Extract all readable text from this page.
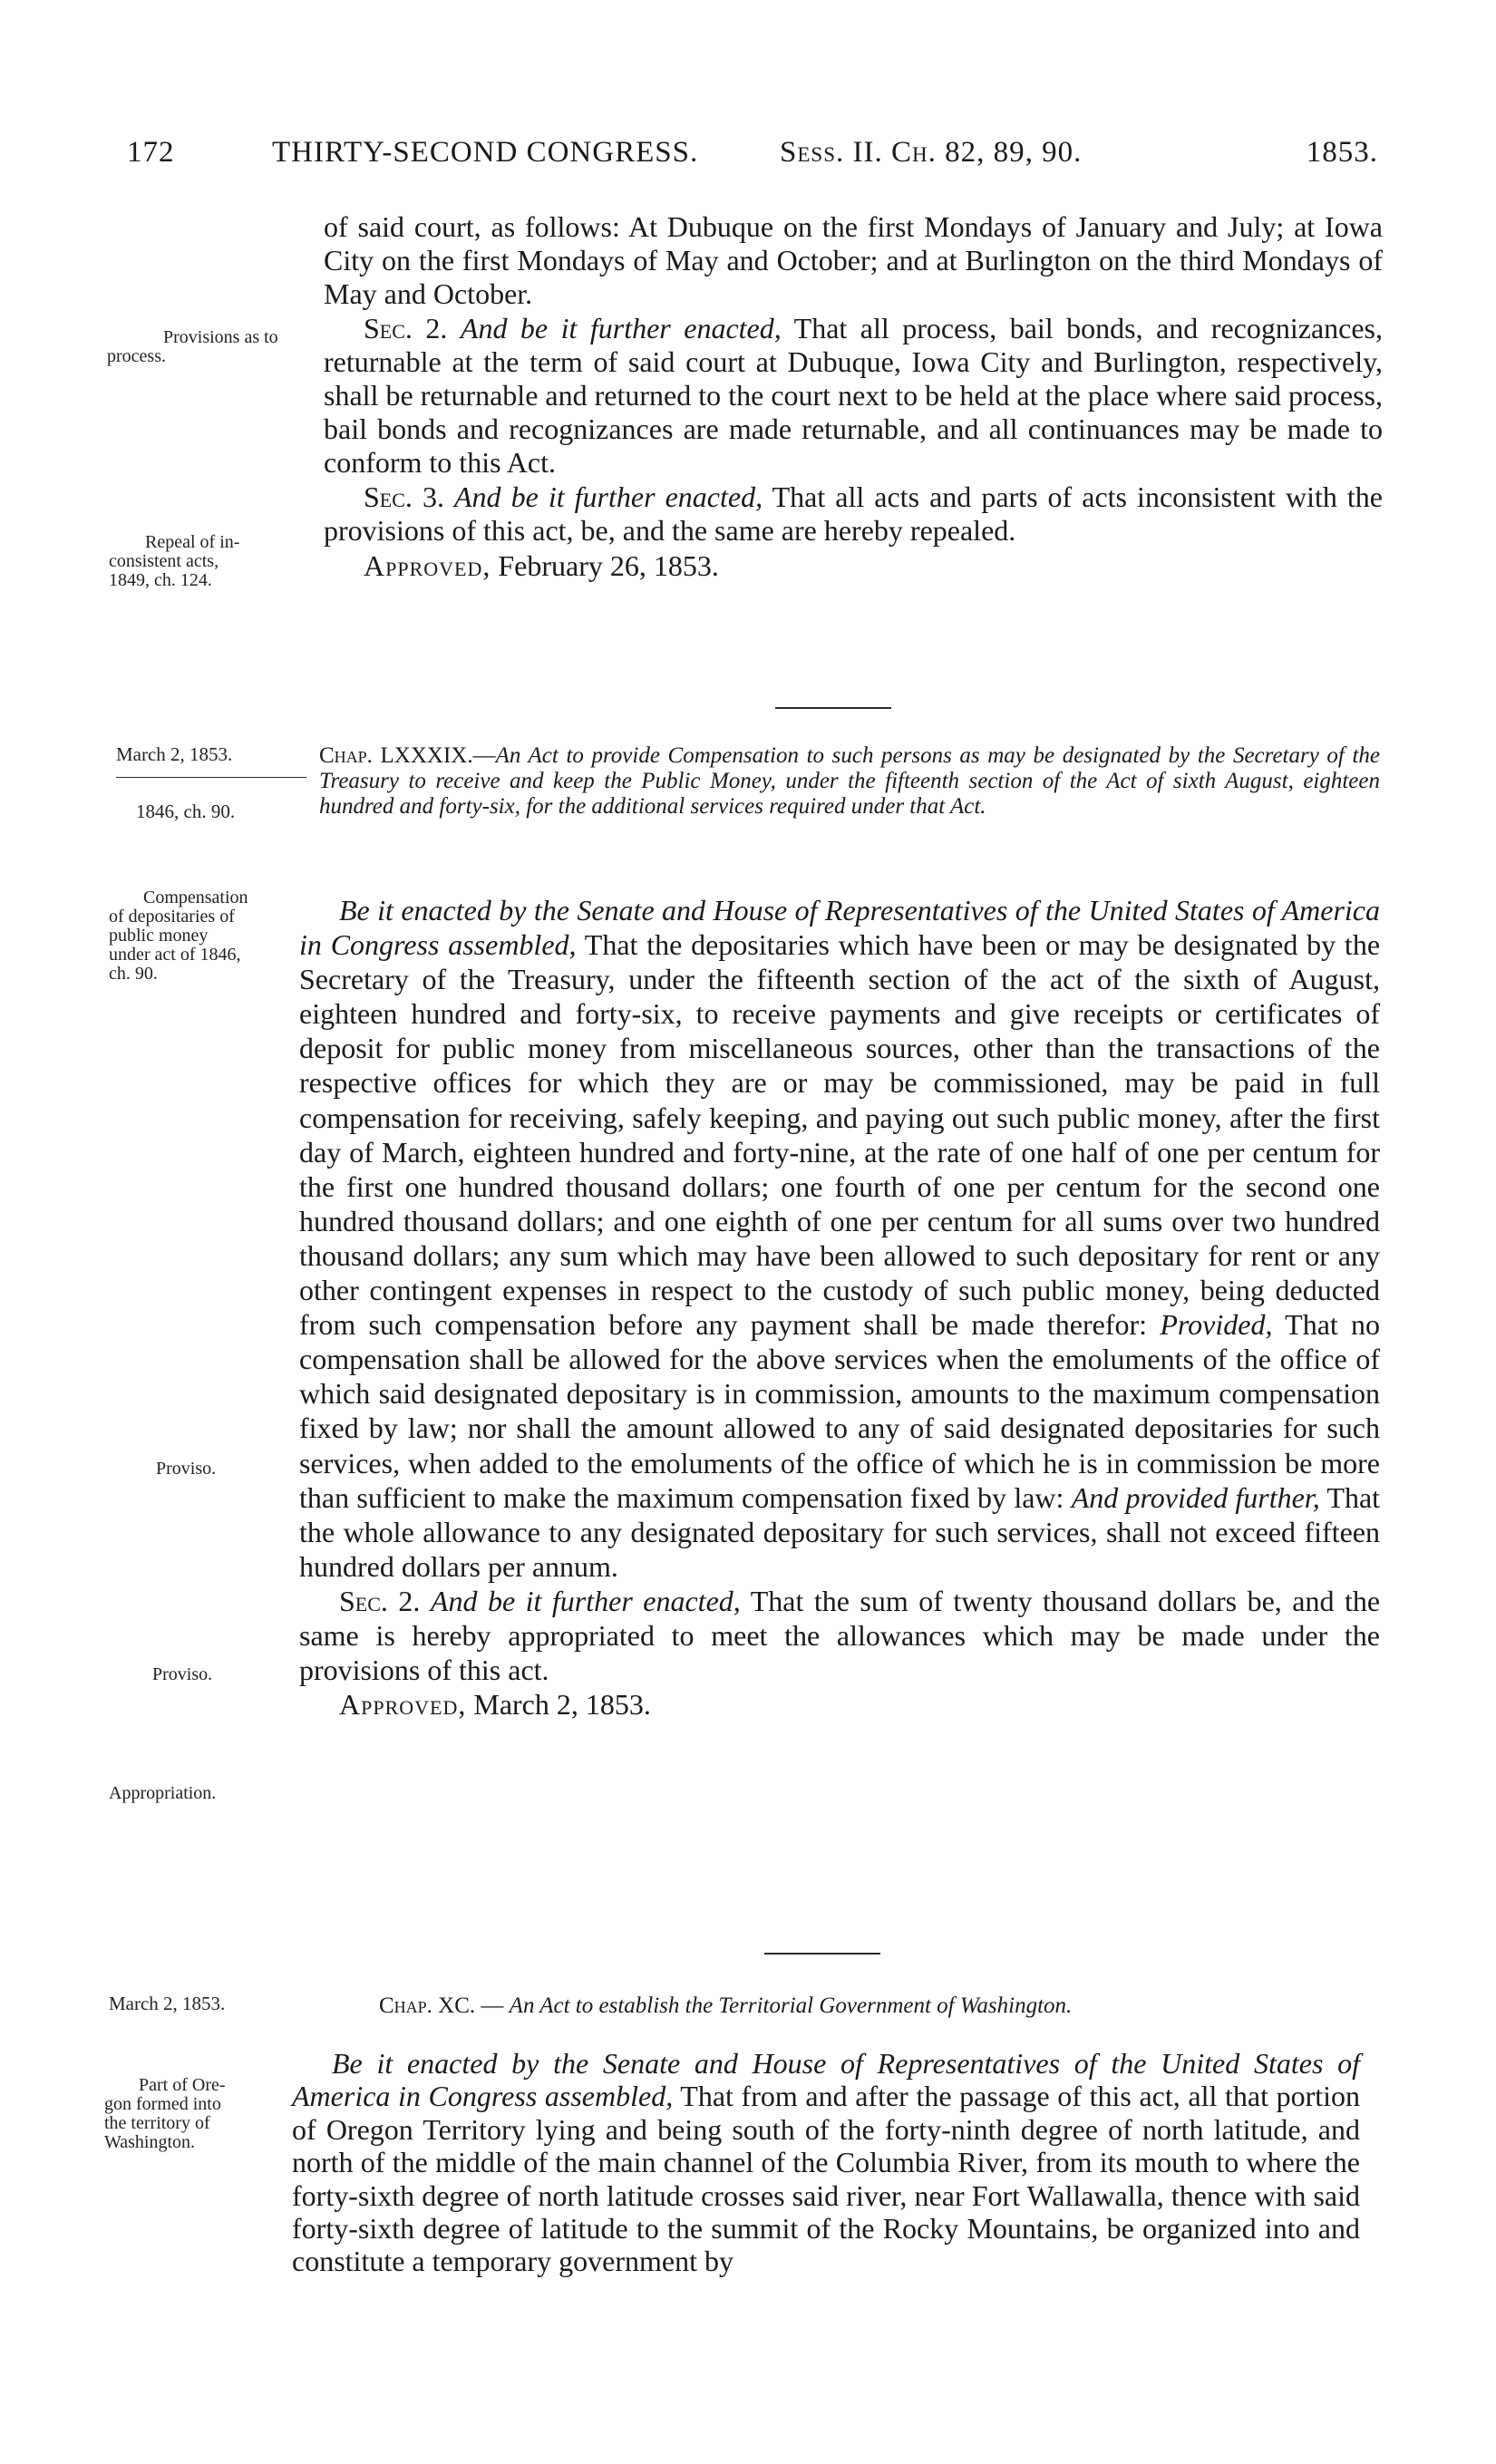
172	THIRTY-SECOND CONGRESS.	Sess. II. Ch. 82, 89, 90.	1853.

of said court, as follows: At Dubuque on the first Mondays of January and July; at Iowa City on the first Mondays of May and October; and at Burlington on the third Mondays of May and October.

Sec. 2. And be it further enacted, That all process, bail bonds, and recognizances, returnable at the term of said court at Dubuque, Iowa City and Burlington, respectively, shall be returnable and returned to the court next to be held at the place where said process, bail bonds and recognizances are made returnable, and all continuances may be made to conform to this Act.

Sec. 3. And be it further enacted, That all acts and parts of acts inconsistent with the provisions of this act, be, and the same are hereby repealed.

Approved, February 26, 1853.

Provisions as to process.
Repeal of in-
consistent acts,
1849, ch. 124.
March 2, 1853.
1846, ch. 90.
Chap. LXXXIX.—An Act to provide Compensation to such persons as may be designated by the Secretary of the Treasury to receive and keep the Public Money, under the fifteenth section of the Act of sixth August, eighteen hundred and forty-six, for the additional services required under that Act.

Be it enacted by the Senate and House of Representatives of the United States of America in Congress assembled, That the depositaries which have been or may be designated by the Secretary of the Treasury, under the fifteenth section of the act of the sixth of August, eighteen hundred and forty-six, to receive payments and give receipts or certificates of deposit for public money from miscellaneous sources, other than the transactions of the respective offices for which they are or may be commissioned, may be paid in full compensation for receiving, safely keeping, and paying out such public money, after the first day of March, eighteen hundred and forty-nine, at the rate of one half of one per centum for the first one hundred thousand dollars; one fourth of one per centum for the second one hundred thousand dollars; and one eighth of one per centum for all sums over two hundred thousand dollars; any sum which may have been allowed to such depositary for rent or any other contingent expenses in respect to the custody of such public money, being deducted from such compensation before any payment shall be made therefor: Provided, That no compensation shall be allowed for the above services when the emoluments of the office of which said designated depositary is in commission, amounts to the maximum compensation fixed by law; nor shall the amount allowed to any of said designated depositaries for such services, when added to the emoluments of the office of which he is in commission be more than sufficient to make the maximum compensation fixed by law: And provided further, That the whole allowance to any designated depositary for such services, shall not exceed fifteen hundred dollars per annum.

Sec. 2. And be it further enacted, That the sum of twenty thousand dollars be, and the same is hereby appropriated to meet the allowances which may be made under the provisions of this act.

Approved, March 2, 1853.

Compensation
of depositaries of
public money
under act of 1846,
ch. 90.
Proviso.
Proviso.
Appropriation.
March 2, 1853.	Chap. XC. — An Act to establish the Territorial Government of Washington.

Be it enacted by the Senate and House of Representatives of the United States of America in Congress assembled, That from and after the passage of this act, all that portion of Oregon Territory lying and being south of the forty-ninth degree of north latitude, and north of the middle of the main channel of the Columbia River, from its mouth to where the forty-sixth degree of north latitude crosses said river, near Fort Wallawalla, thence with said forty-sixth degree of latitude to the summit of the Rocky Mountains, be organized into and constitute a temporary government by

Part of Ore-
gon formed into
the territory of
Washington.
